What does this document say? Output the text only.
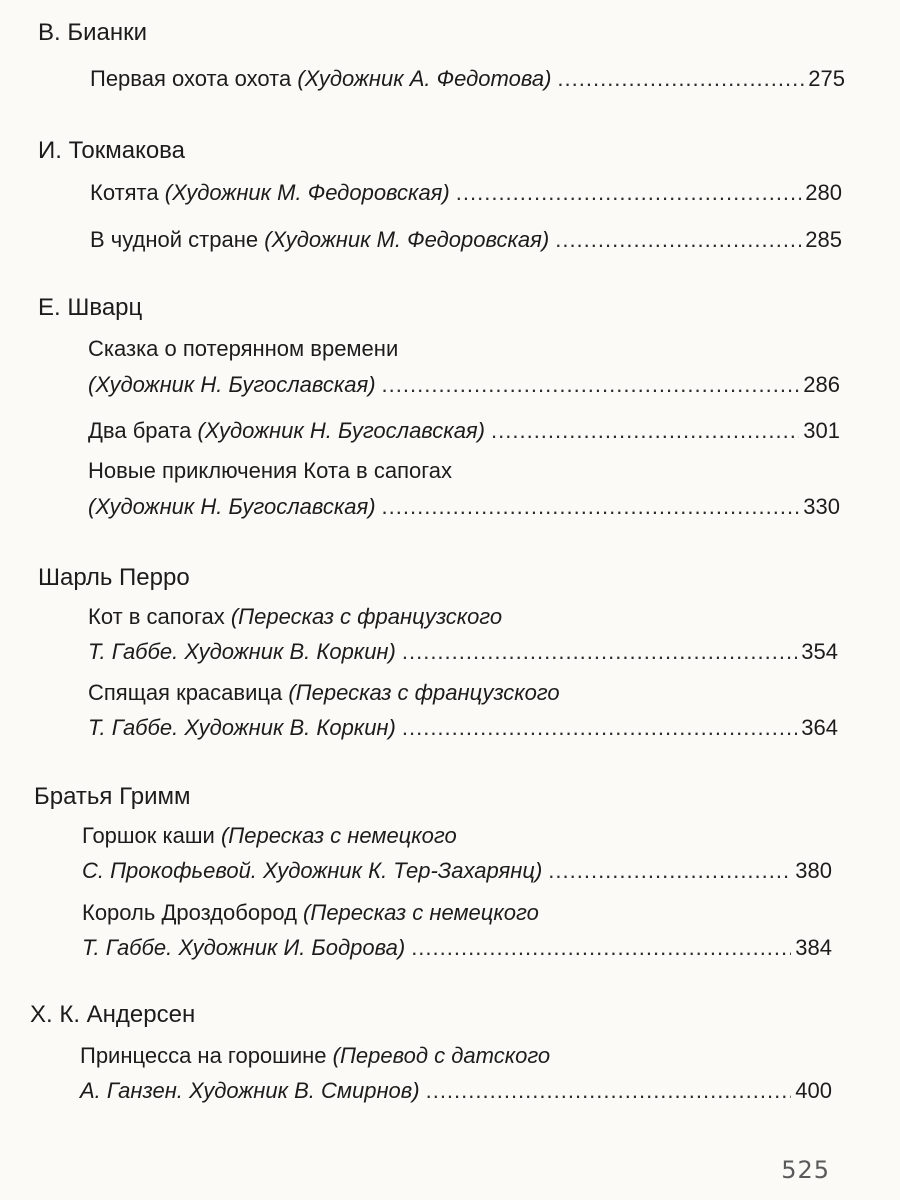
В. Бианки
Первая охота охота
(Художник А. Федотова) .....	275
И. Токмакова
Котята
(Художник М. Федоровская) .....	280
В чудной стране
(Художник М. Федоровская) .....	285
Е. Шварц
Сказка о потерянном времени
(Художник Н. Бугославская) .....	286
Два брата
(Художник Н. Бугославская) .....	301
Новые приключения Кота в сапогах
(Художник Н. Бугославская) .....	330
Шарль Перро
Кот в сапогах (Пересказ с французского
Т. Габбе. Художник В. Коркин) .....	354
Спящая красавица (Пересказ с французского
Т. Габбе. Художник В. Коркин) .....	364
Братья Гримм
Горшок каши (Пересказ с немецкого
С. Прокофьевой. Художник К. Тер-Захарянц) .....	380
Король Дроздобород (Пересказ с немецкого
Т. Габбе. Художник И. Бодрова) .....	384
Х. К. Андерсен
Принцесса на горошине (Перевод с датского
А. Ганзен. Художник В. Смирнов) .....	400
525
